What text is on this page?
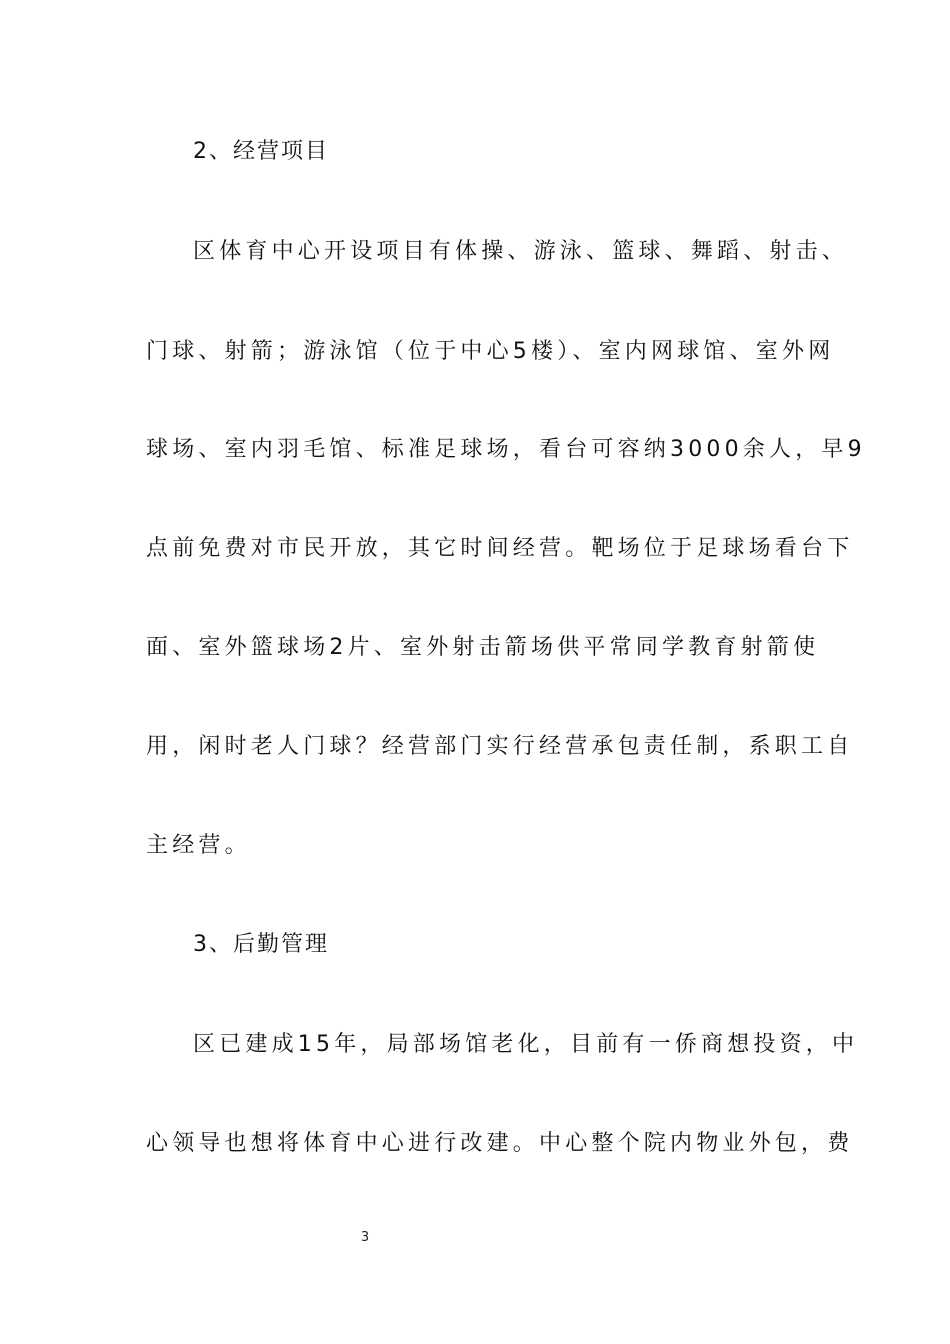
2、经营项目
区体育中心开设项目有体操、游泳、篮球、舞蹈、射击、
门球、射箭；游泳馆（位于中心5楼）、室内网球馆、室外网
球场、室内羽毛馆、标准足球场，看台可容纳3000余人，早9
点前免费对市民开放，其它时间经营。靶场位于足球场看台下
面、室外篮球场2片、室外射击箭场供平常同学教育射箭使
用，闲时老人门球？经营部门实行经营承包责任制，系职工自
主经营。
3、后勤管理
区已建成15年，局部场馆老化，目前有一侨商想投资，中
心领导也想将体育中心进行改建。中心整个院内物业外包，费
3
